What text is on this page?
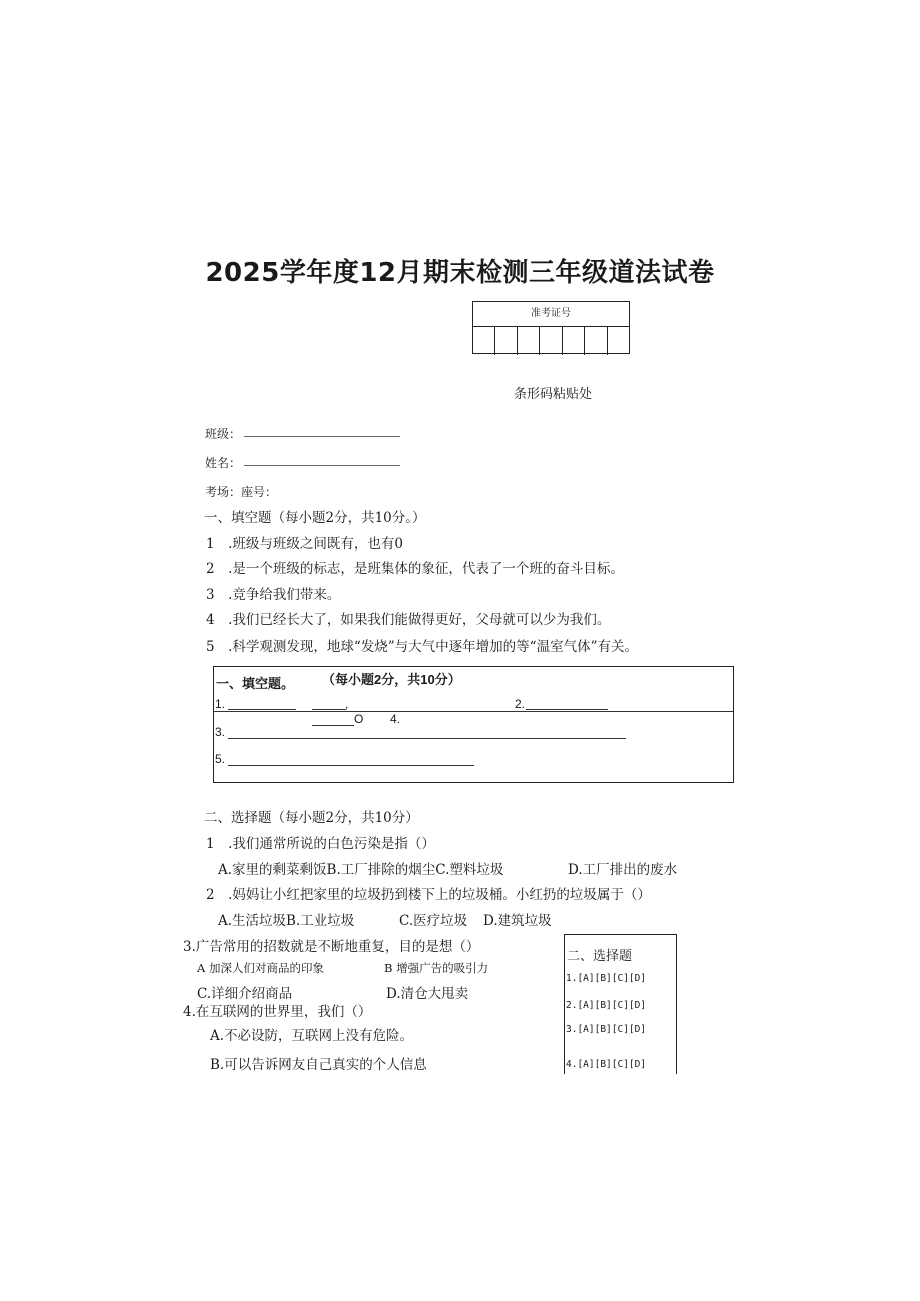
2025学年度12月期末检测三年级道法试卷
准考证号
条形码粘贴处
班级：
姓名：
考场：座号：
一、填空题（每小题2分，共10分。）
1　.班级与班级之间既有，也有0
2　.是一个班级的标志，是班集体的象征，代表了一个班的奋斗目标。
3　.竞争给我们带来。
4　.我们已经长大了，如果我们能做得更好，父母就可以少为我们。
5　.科学观测发现，地球“发烧”与大气中逐年增加的等“温室气体”有关。
一、填空题。 （每小题2分，共10分）
1.	,	2.
O 4.
3.
5.
二、选择题（每小题2分，共10分）
1　.我们通常所说的白色污染是指（）
A.家里的剩菜剩饭B.工厂排除的烟尘C.塑料垃圾	D.工厂排出的废水
2　.妈妈让小红把家里的垃圾扔到楼下上的垃圾桶。小红扔的垃圾属于（）
A.生活垃圾B.工业垃圾	C.医疗垃圾 D.建筑垃圾
3.广告常用的招数就是不断地重复，目的是想（）
A 加深人们对商品的印象	B 增强广告的吸引力
C.详细介绍商品	D.清仓大甩卖
4.在互联网的世界里，我们（）
A.不必设防，互联网上没有危险。
B.可以告诉网友自己真实的个人信息
二、选择题
1.[A][B][C][D]
2.[A][B][C][D]
3.[A][B][C][D]
4.[A][B][C][D]
